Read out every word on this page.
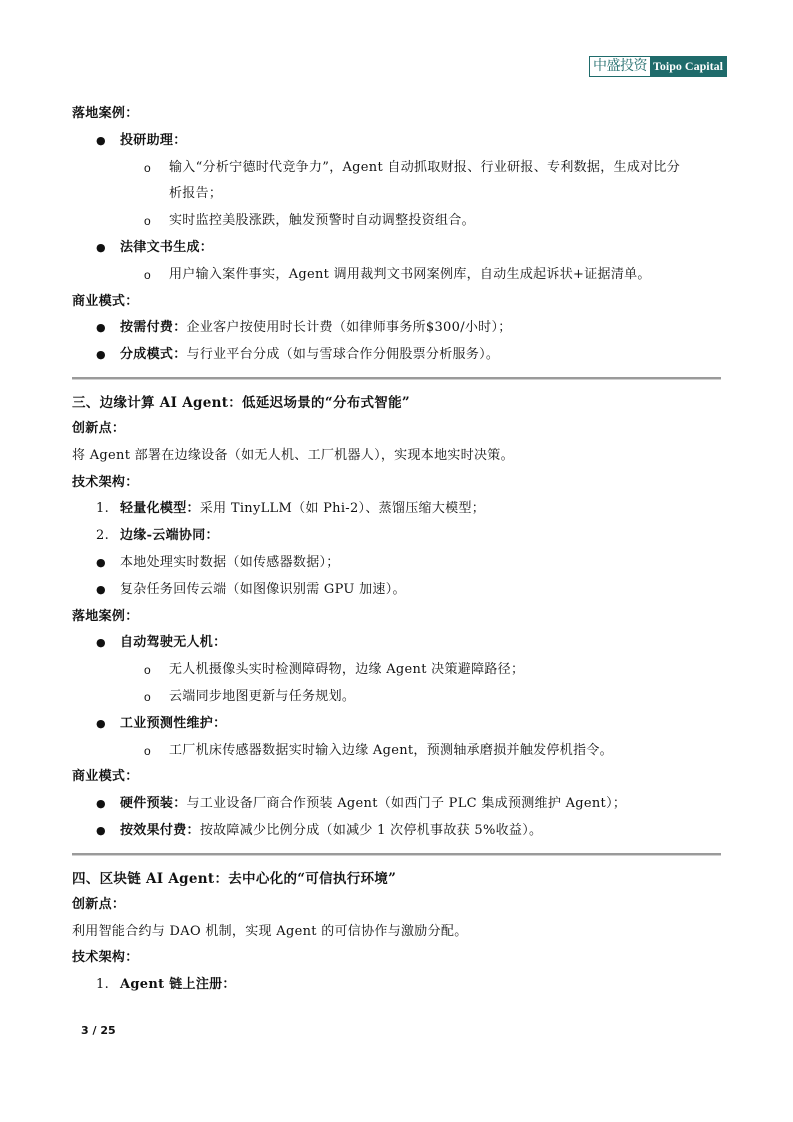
中盛投资 Toipo Capital
落地案例：
● 投研助理：
o 输入“分析宁德时代竞争力”，Agent 自动抓取财报、行业研报、专利数据，生成对比分
析报告；
o 实时监控美股涨跌，触发预警时自动调整投资组合。
● 法律文书生成：
o 用户输入案件事实，Agent 调用裁判文书网案例库，自动生成起诉状+证据清单。
商业模式：
● 按需付费：企业客户按使用时长计费（如律师事务所$300/小时）；
● 分成模式：与行业平台分成（如与雪球合作分佣股票分析服务）。
三、边缘计算 AI Agent：低延迟场景的“分布式智能”
创新点：
将 Agent 部署在边缘设备（如无人机、工厂机器人），实现本地实时决策。
技术架构：
1. 轻量化模型：采用 TinyLLM（如 Phi-2）、蒸馏压缩大模型；
2. 边缘-云端协同：
● 本地处理实时数据（如传感器数据）；
● 复杂任务回传云端（如图像识别需 GPU 加速）。
落地案例：
● 自动驾驶无人机：
o 无人机摄像头实时检测障碍物，边缘 Agent 决策避障路径；
o 云端同步地图更新与任务规划。
● 工业预测性维护：
o 工厂机床传感器数据实时输入边缘 Agent，预测轴承磨损并触发停机指令。
商业模式：
● 硬件预装：与工业设备厂商合作预装 Agent（如西门子 PLC 集成预测维护 Agent）；
● 按效果付费：按故障减少比例分成（如减少 1 次停机事故获 5%收益）。
四、区块链 AI Agent：去中心化的“可信执行环境”
创新点：
利用智能合约与 DAO 机制，实现 Agent 的可信协作与激励分配。
技术架构：
1. Agent 链上注册：
3 / 25
